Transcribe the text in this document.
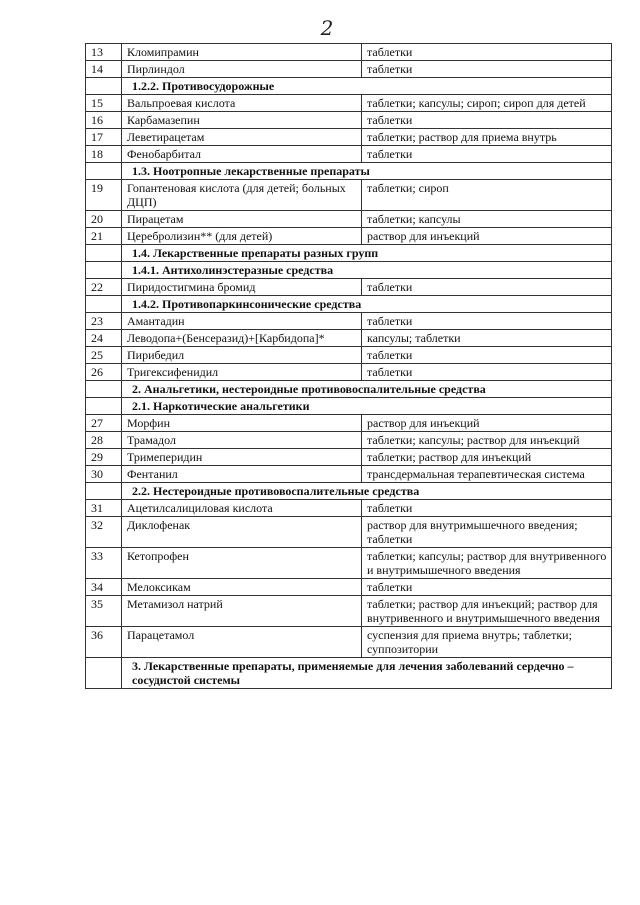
2
13	Кломипрамин	таблетки
14	Пирлиндол	таблетки
	1.2.2. Противосудорожные	
15	Вальпроевая кислота	таблетки; капсулы; сироп; сироп для детей
16	Карбамазепин	таблетки
17	Леветирацетам	таблетки; раствор для приема внутрь
18	Фенобарбитал	таблетки
	1.3. Ноотропные лекарственные препараты	
19	Гопантеновая кислота (для детей; больных ДЦП)	таблетки; сироп
20	Пирацетам	таблетки; капсулы
21	Церебролизин** (для детей)	раствор для инъекций
	1.4. Лекарственные препараты разных групп	
	1.4.1. Антихолинэстеразные средства	
22	Пиридостигмина бромид	таблетки
	1.4.2. Противопаркинсонические средства	
23	Амантадин	таблетки
24	Леводопа+(Бенсеразид)+[Карбидопа]*	капсулы; таблетки
25	Пирибедил	таблетки
26	Тригексифенидил	таблетки
	2. Анальгетики, нестероидные противовоспалительные средства	
	2.1. Наркотические анальгетики	
27	Морфин	раствор для инъекций
28	Трамадол	таблетки; капсулы; раствор для инъекций
29	Тримеперидин	таблетки; раствор для инъекций
30	Фентанил	трансдермальная терапевтическая система
	2.2. Нестероидные противовоспалительные средства	
31	Ацетилсалициловая кислота	таблетки
32	Диклофенак	раствор для внутримышечного введения; таблетки
33	Кетопрофен	таблетки; капсулы; раствор для внутривенного и внутримышечного введения
34	Мелоксикам	таблетки
35	Метамизол натрий	таблетки; раствор для инъекций; раствор для внутривенного и внутримышечного введения
36	Парацетамол	суспензия для приема внутрь; таблетки; суппозитории
	3. Лекарственные препараты, применяемые для лечения заболеваний сердечно – сосудистой системы	
